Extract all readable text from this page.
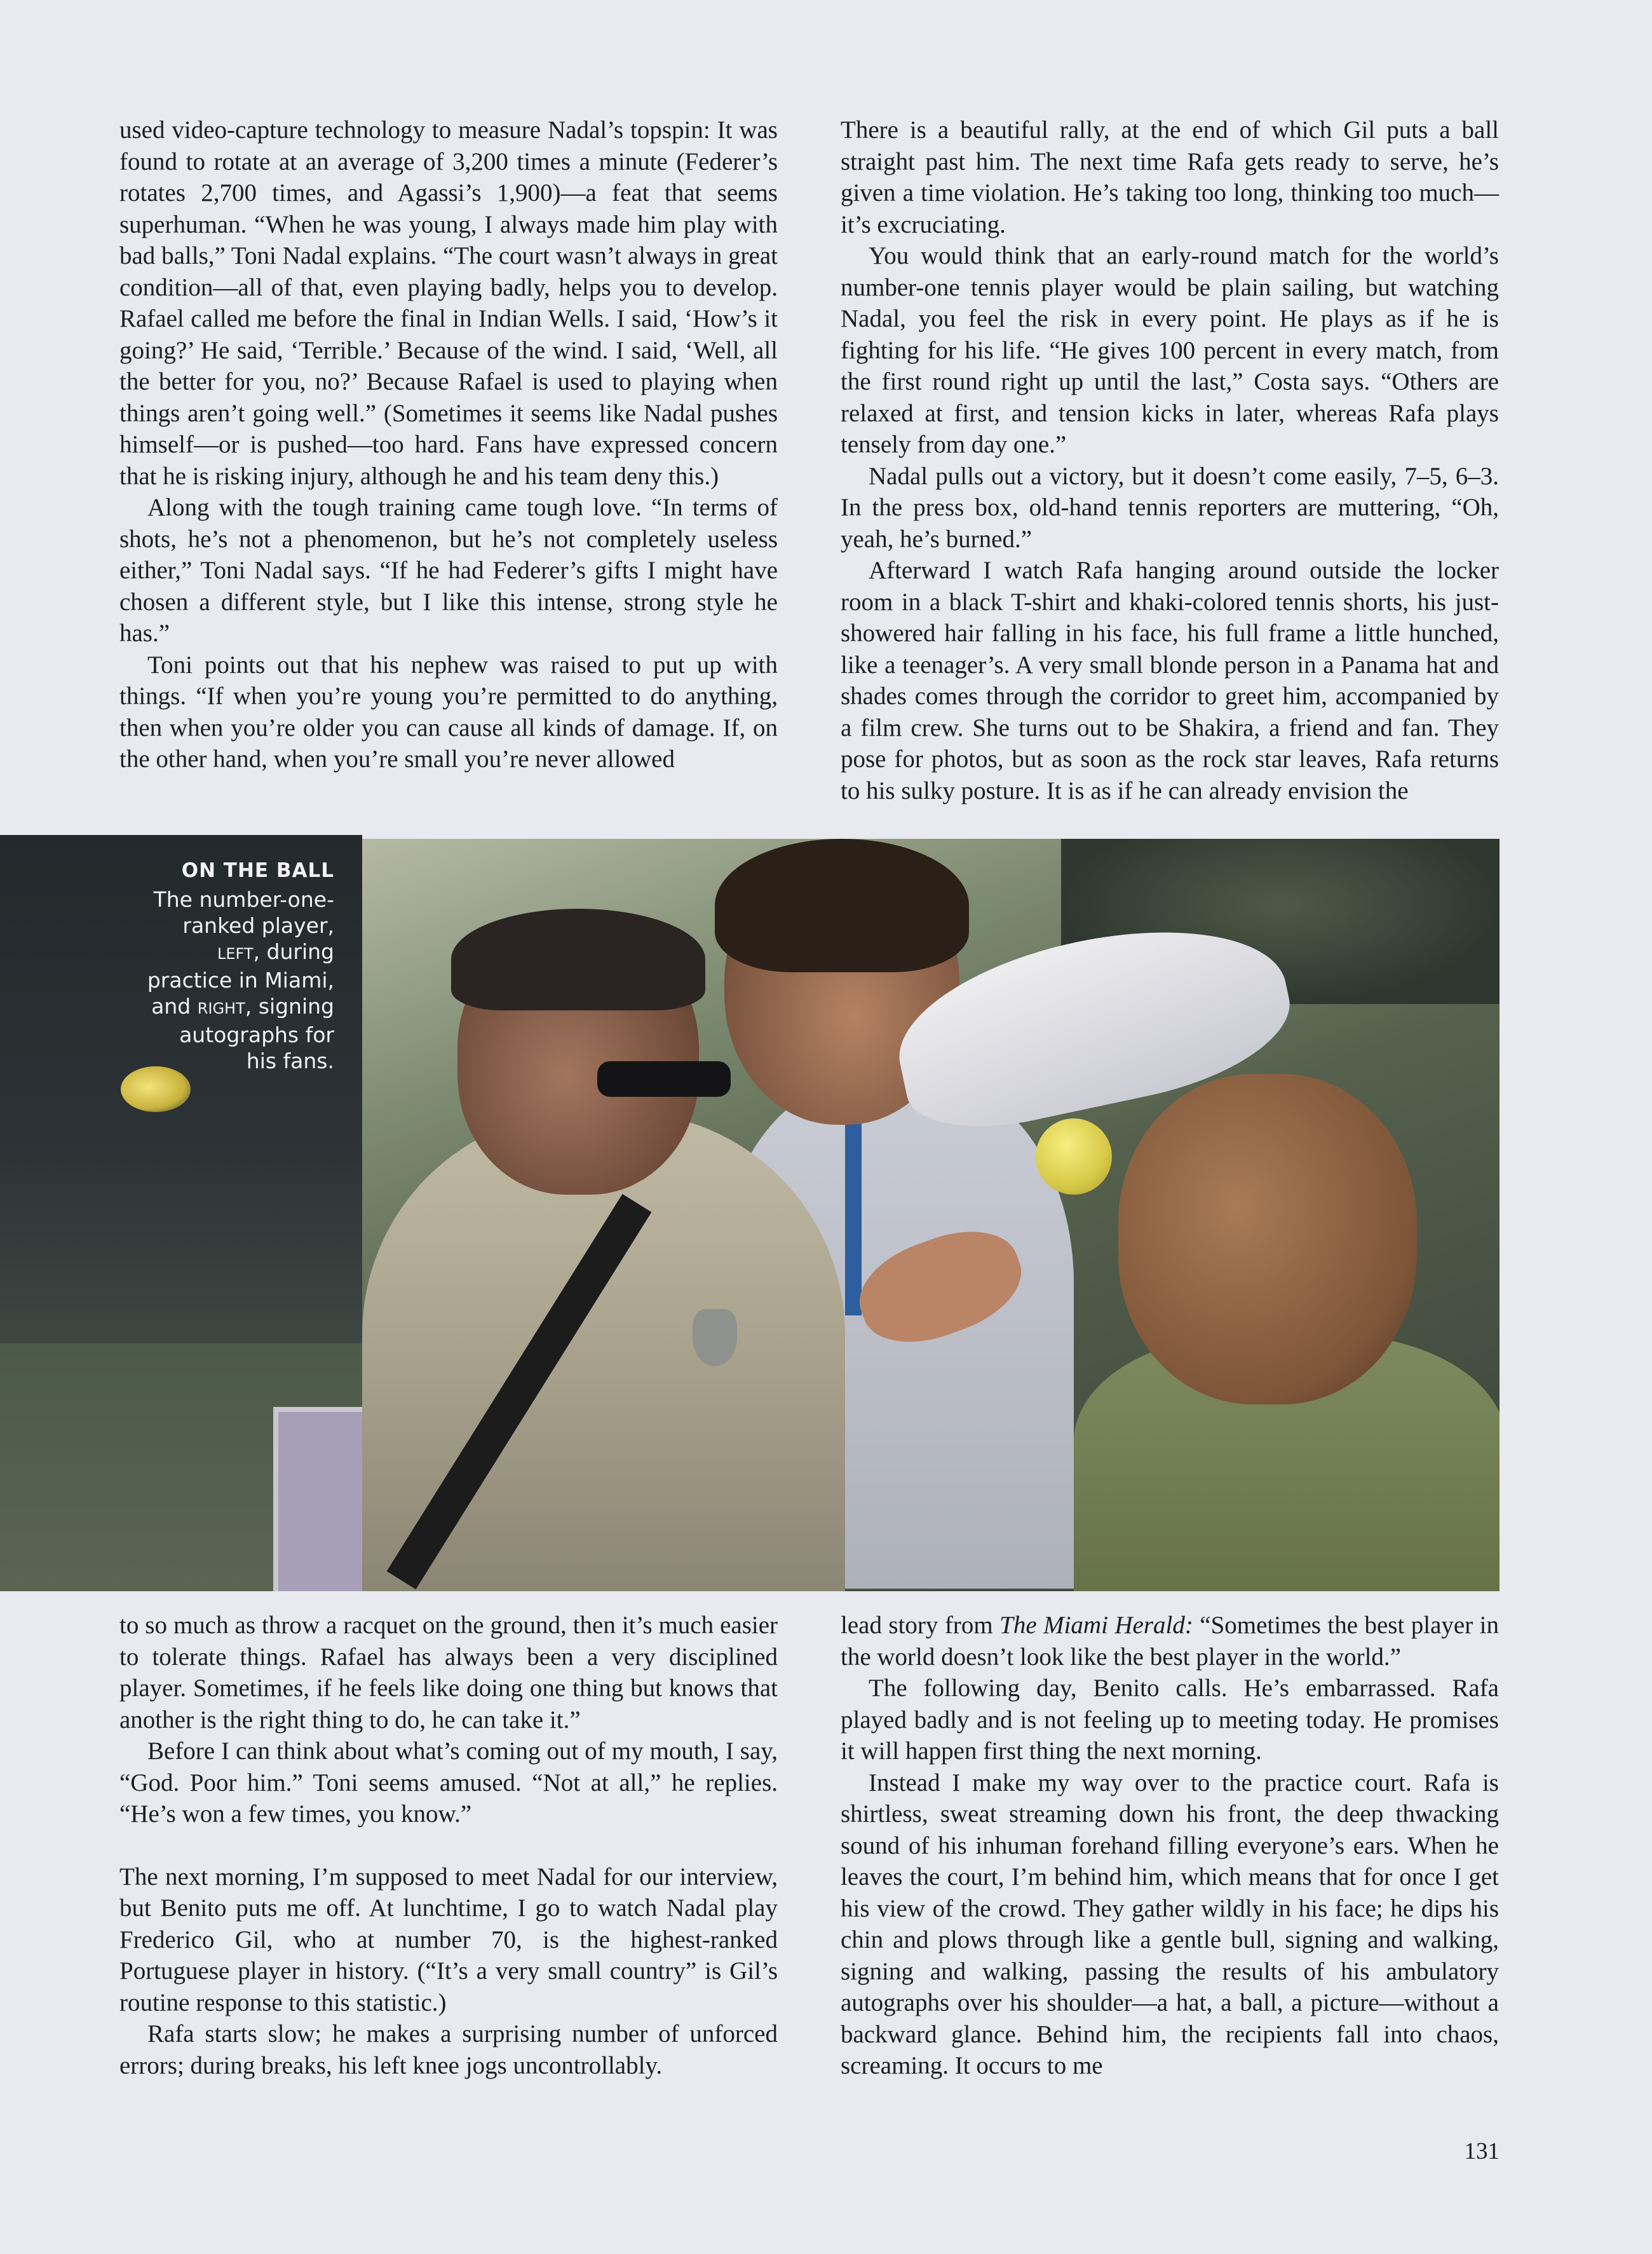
used video-capture technology to measure Nadal’s topspin: It was found to rotate at an average of 3,200 times a minute (Federer’s rotates 2,700 times, and Agassi’s 1,900)—a feat that seems superhuman. “When he was young, I always made him play with bad balls,” Toni Nadal explains. “The court wasn’t always in great condition—all of that, even playing badly, helps you to develop. Rafael called me before the final in Indian Wells. I said, ‘How’s it going?’ He said, ‘Terrible.’ Because of the wind. I said, ‘Well, all the better for you, no?’ Because Rafael is used to playing when things aren’t going well.” (Sometimes it seems like Nadal pushes himself—or is pushed—too hard. Fans have expressed concern that he is risking injury, although he and his team deny this.)

Along with the tough training came tough love. “In terms of shots, he’s not a phenomenon, but he’s not completely useless either,” Toni Nadal says. “If he had Federer’s gifts I might have chosen a different style, but I like this intense, strong style he has.”

Toni points out that his nephew was raised to put up with things. “If when you’re young you’re permitted to do anything, then when you’re older you can cause all kinds of damage. If, on the other hand, when you’re small you’re never allowed

There is a beautiful rally, at the end of which Gil puts a ball straight past him. The next time Rafa gets ready to serve, he’s given a time violation. He’s taking too long, thinking too much—it’s excruciating.

You would think that an early-round match for the world’s number-one tennis player would be plain sailing, but watching Nadal, you feel the risk in every point. He plays as if he is fighting for his life. “He gives 100 percent in every match, from the first round right up until the last,” Costa says. “Others are relaxed at first, and tension kicks in later, whereas Rafa plays tensely from day one.”

Nadal pulls out a victory, but it doesn’t come easily, 7–5, 6–3. In the press box, old-hand tennis reporters are muttering, “Oh, yeah, he’s burned.”

Afterward I watch Rafa hanging around outside the locker room in a black T-shirt and khaki-colored tennis shorts, his just-showered hair falling in his face, his full frame a little hunched, like a teenager’s. A very small blonde person in a Panama hat and shades comes through the corridor to greet him, accompanied by a film crew. She turns out to be Shakira, a friend and fan. They pose for photos, but as soon as the rock star leaves, Rafa returns to his sulky posture. It is as if he can already envision the

ON THE BALL
The number-one-ranked player, LEFT, during practice in Miami, and RIGHT, signing autographs for his fans.

to so much as throw a racquet on the ground, then it’s much easier to tolerate things. Rafael has always been a very disciplined player. Sometimes, if he feels like doing one thing but knows that another is the right thing to do, he can take it.”

Before I can think about what’s coming out of my mouth, I say, “God. Poor him.” Toni seems amused. “Not at all,” he replies. “He’s won a few times, you know.”

The next morning, I’m supposed to meet Nadal for our interview, but Benito puts me off. At lunchtime, I go to watch Nadal play Frederico Gil, who at number 70, is the highest-ranked Portuguese player in history. (“It’s a very small country” is Gil’s routine response to this statistic.)

Rafa starts slow; he makes a surprising number of unforced errors; during breaks, his left knee jogs uncontrollably.

lead story from The Miami Herald: “Sometimes the best player in the world doesn’t look like the best player in the world.”

The following day, Benito calls. He’s embarrassed. Rafa played badly and is not feeling up to meeting today. He promises it will happen first thing the next morning.

Instead I make my way over to the practice court. Rafa is shirtless, sweat streaming down his front, the deep thwacking sound of his inhuman forehand filling everyone’s ears. When he leaves the court, I’m behind him, which means that for once I get his view of the crowd. They gather wildly in his face; he dips his chin and plows through like a gentle bull, signing and walking, signing and walking, passing the results of his ambulatory autographs over his shoulder—a hat, a ball, a picture—without a backward glance. Behind him, the recipients fall into chaos, screaming. It occurs to me

131
